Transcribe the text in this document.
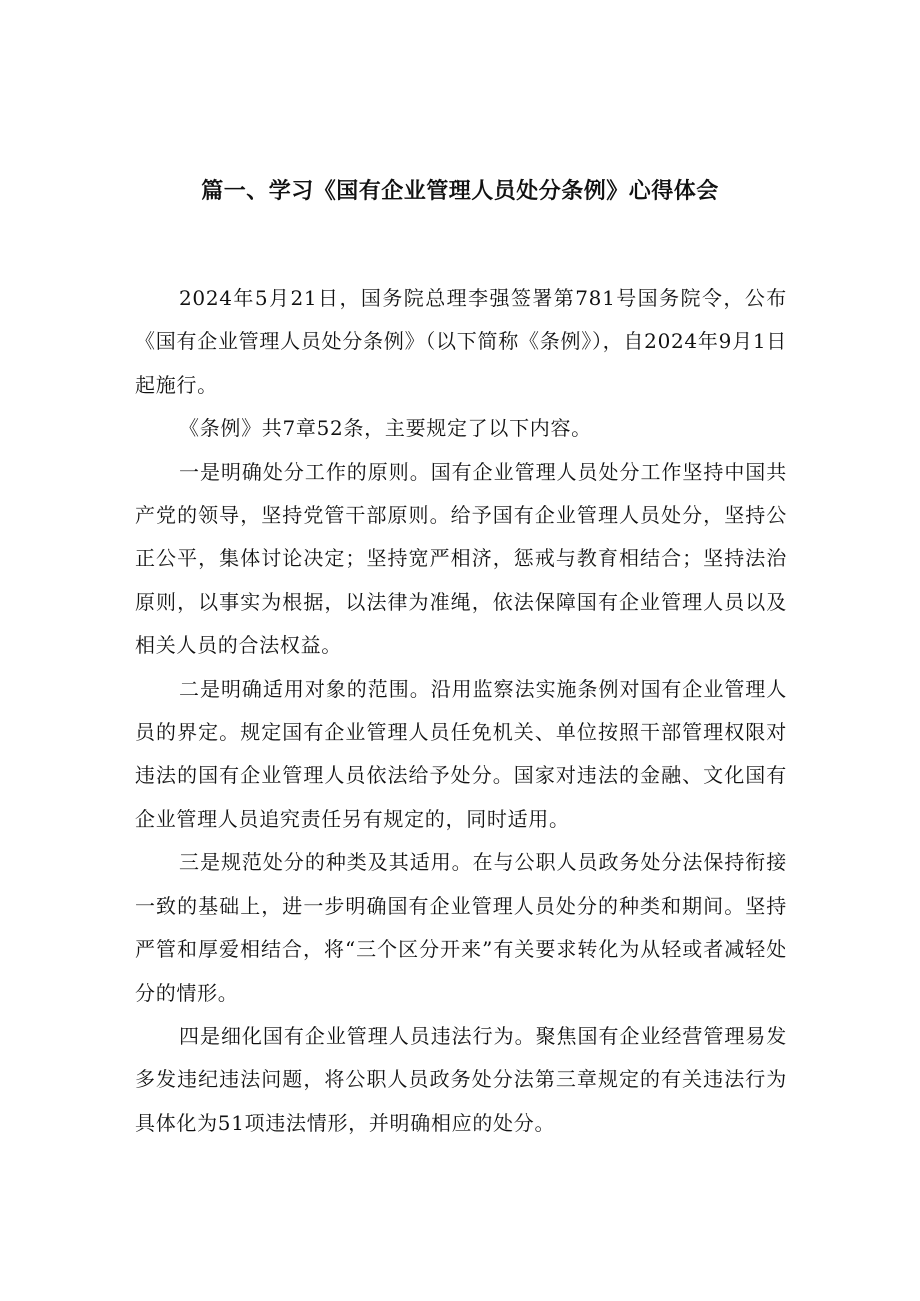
篇一、学习《国有企业管理人员处分条例》心得体会

2024年5月21日，国务院总理李强签署第781号国务院令，公布《国有企业管理人员处分条例》（以下简称《条例》），自2024年9月1日起施行。

《条例》共7章52条，主要规定了以下内容。

一是明确处分工作的原则。国有企业管理人员处分工作坚持中国共产党的领导，坚持党管干部原则。给予国有企业管理人员处分，坚持公正公平，集体讨论决定；坚持宽严相济，惩戒与教育相结合；坚持法治原则，以事实为根据，以法律为准绳，依法保障国有企业管理人员以及相关人员的合法权益。

二是明确适用对象的范围。沿用监察法实施条例对国有企业管理人员的界定。规定国有企业管理人员任免机关、单位按照干部管理权限对违法的国有企业管理人员依法给予处分。国家对违法的金融、文化国有企业管理人员追究责任另有规定的，同时适用。

三是规范处分的种类及其适用。在与公职人员政务处分法保持衔接一致的基础上，进一步明确国有企业管理人员处分的种类和期间。坚持严管和厚爱相结合，将“三个区分开来”有关要求转化为从轻或者减轻处分的情形。

四是细化国有企业管理人员违法行为。聚焦国有企业经营管理易发多发违纪违法问题，将公职人员政务处分法第三章规定的有关违法行为具体化为51项违法情形，并明确相应的处分。
